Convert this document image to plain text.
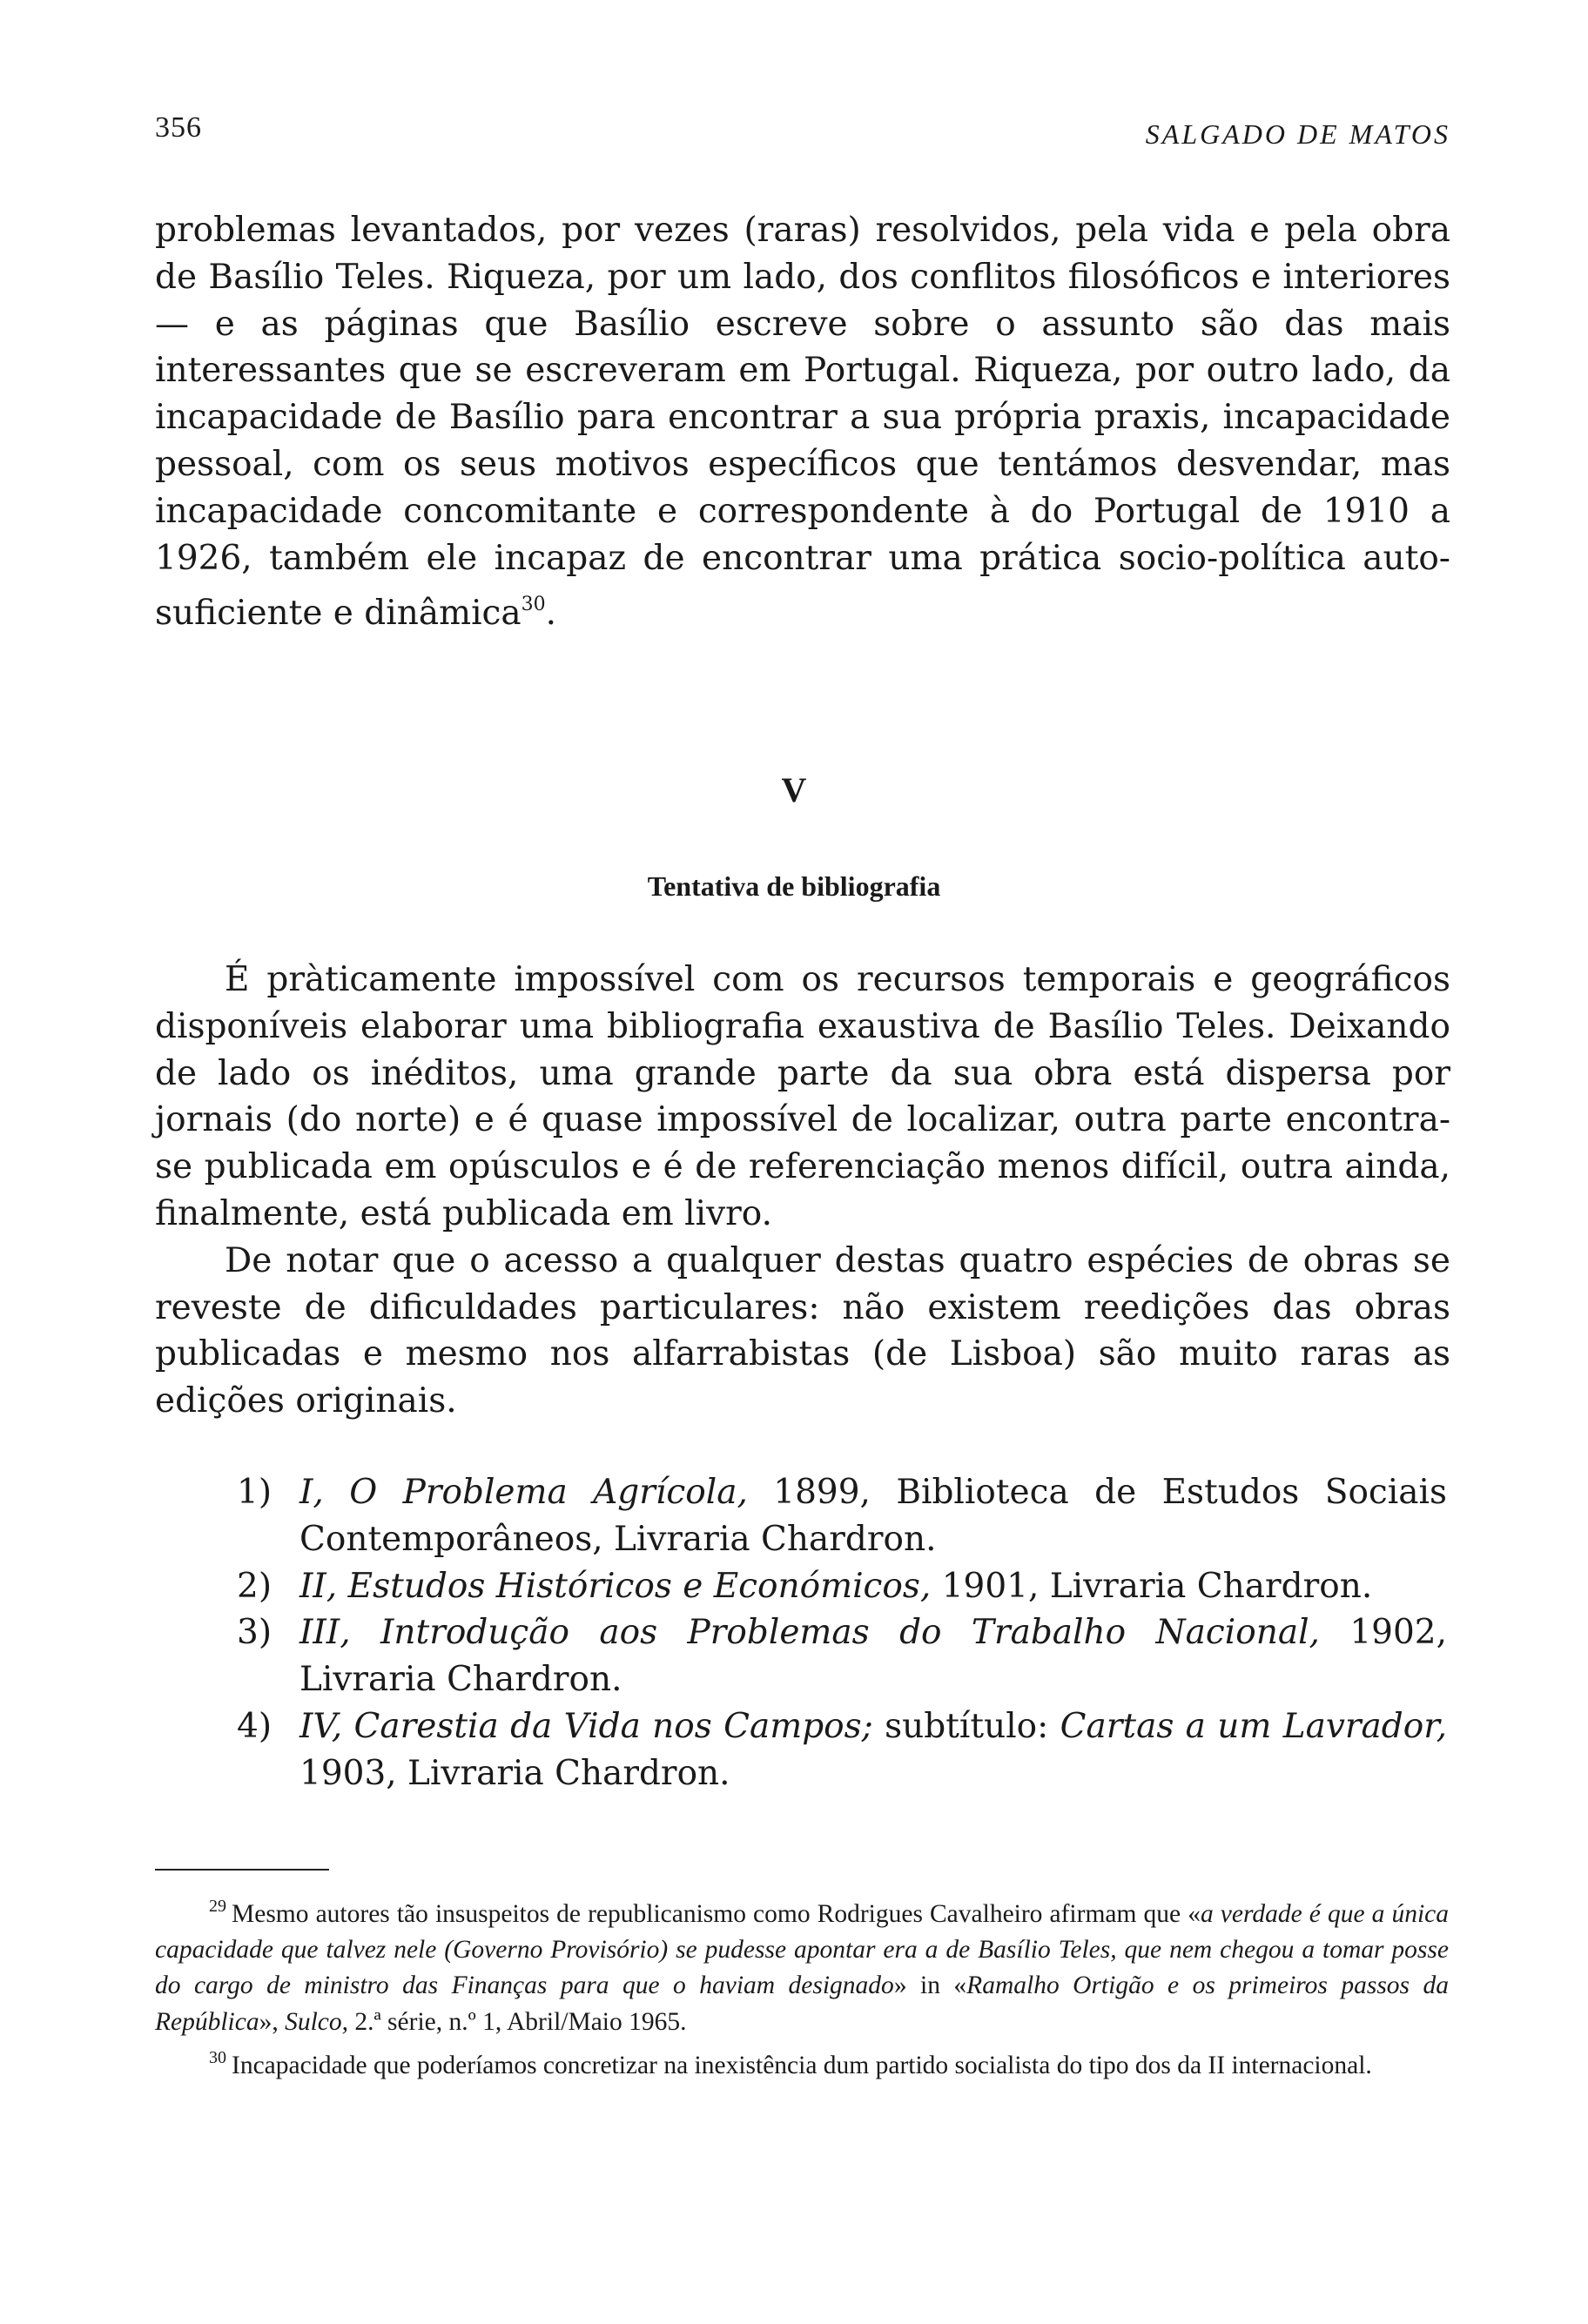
356	SALGADO DE MATOS

problemas levantados, por vezes (raras) resolvidos, pela vida e pela obra de Basílio Teles. Riqueza, por um lado, dos conflitos filosóficos e interiores — e as páginas que Basílio escreve sobre o assunto são das mais interessantes que se escreveram em Portugal. Riqueza, por outro lado, da incapacidade de Basílio para encontrar a sua própria praxis, incapacidade pessoal, com os seus motivos específicos que tentámos desvendar, mas incapacidade concomitante e correspondente à do Portugal de 1910 a 1926, também ele incapaz de encontrar uma prática socio-política auto-suficiente e dinâmica$^{30}$.

V
Tentativa de bibliografia

É pràticamente impossível com os recursos temporais e geográficos disponíveis elaborar uma bibliografia exaustiva de Basílio Teles. Deixando de lado os inéditos, uma grande parte da sua obra está dispersa por jornais (do norte) e é quase impossível de localizar, outra parte encontra-se publicada em opúsculos e é de referenciação menos difícil, outra ainda, finalmente, está publicada em livro.

De notar que o acesso a qualquer destas quatro espécies de obras se reveste de dificuldades particulares: não existem reedições das obras publicadas e mesmo nos alfarrabistas (de Lisboa) são muito raras as edições originais.

1) I, O Problema Agrícola, 1899, Biblioteca de Estudos Sociais Contemporâneos, Livraria Chardron.
2) II, Estudos Históricos e Económicos, 1901, Livraria Chardron.
3) III, Introdução aos Problemas do Trabalho Nacional, 1902, Livraria Chardron.
4) IV, Carestia da Vida nos Campos; subtítulo: Cartas a um Lavrador, 1903, Livraria Chardron.

$^{29}$ Mesmo autores tão insuspeitos de republicanismo como Rodrigues Cavalheiro afirmam que «a verdade é que a única capacidade que talvez nele (Governo Provisório) se pudesse apontar era a de Basílio Teles, que nem chegou a tomar posse do cargo de ministro das Finanças para que o haviam designado» in «Ramalho Ortigão e os primeiros passos da República», Sulco, 2.ª série, n.º 1, Abril/Maio 1965.

$^{30}$ Incapacidade que poderíamos concretizar na inexistência dum partido socialista do tipo dos da II internacional.
